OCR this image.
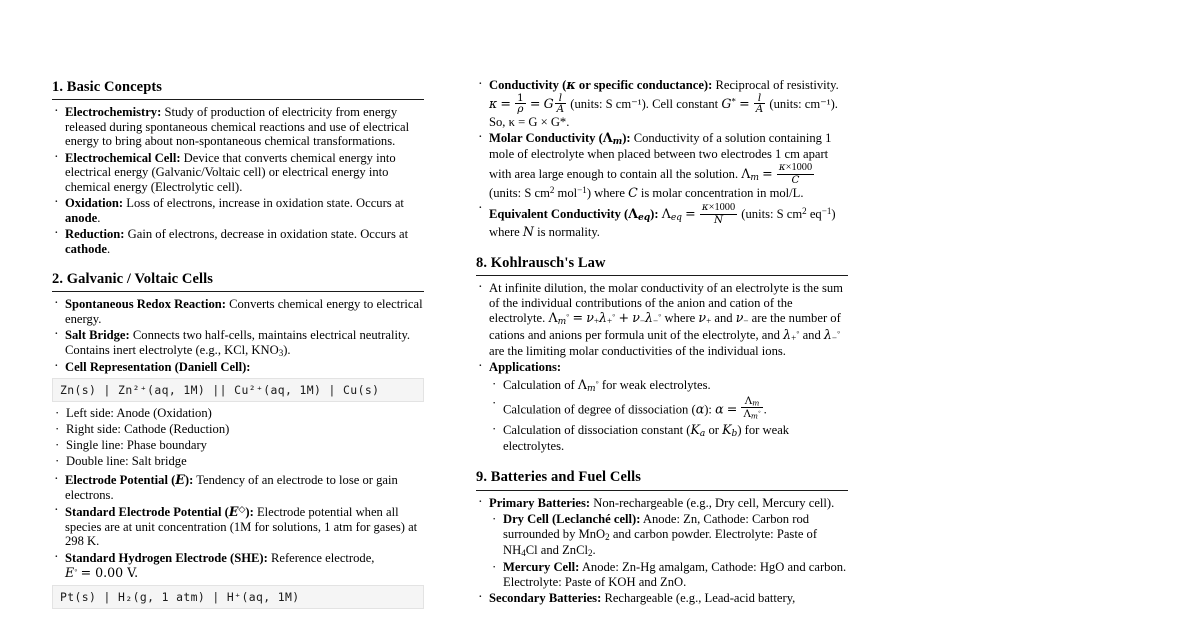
1. Basic Concepts
· Electrochemistry: Study of production of electricity from energy released during spontaneous chemical reactions and use of electrical energy to bring about non-spontaneous chemical transformations.
· Electrochemical Cell: Device that converts chemical energy into electrical energy (Galvanic/Voltaic cell) or electrical energy into chemical energy (Electrolytic cell).
· Oxidation: Loss of electrons, increase in oxidation state. Occurs at anode.
· Reduction: Gain of electrons, decrease in oxidation state. Occurs at cathode.
2. Galvanic / Voltaic Cells
· Spontaneous Redox Reaction: Converts chemical energy to electrical energy.
· Salt Bridge: Connects two half-cells, maintains electrical neutrality. Contains inert electrolyte (e.g., KCl, $KNO_3$).
· Cell Representation (Daniell Cell):
Zn(s) | Zn²⁺(aq, 1M) || Cu²⁺(aq, 1M) | Cu(s)
· Left side: Anode (Oxidation)
· Right side: Cathode (Reduction)
· Single line: Phase boundary
· Double line: Salt bridge
· Electrode Potential (E): Tendency of an electrode to lose or gain electrons.
· Standard Electrode Potential (E◇): Electrode potential when all species are at unit concentration (1M for solutions, 1 atm for gases) at 298 K.
· Standard Hydrogen Electrode (SHE): Reference electrode,
E◦ = 0.00 V.
Pt(s) | H₂(g, 1 atm) | H⁺(aq, 1M)
· Conductivity (κ or specific conductance): Reciprocal of resistivity. $\kappa = \frac{1}{\rho} = G \frac{l}{A}$ (units: S cm⁻¹). Cell constant $G^* = \frac{l}{A}$ (units: cm⁻¹). So, κ = G × G*.
· Molar Conductivity $(\Lambda_m)$: Conductivity of a solution containing 1 mole of electrolyte when placed between two electrodes 1 cm apart with area large enough to contain all the solution. $\Lambda_m = \frac{\kappa\times 1000}{C}$
(units: S $cm^2$ mol$^{-1}$) where C is molar concentration in mol/L.
· Equivalent Conductivity $(\Lambda_{eq})$: $\Lambda_{eq} = \frac{\kappa\times 1000}{N}$ (units: S $cm^2$ $eq^{-1}$) where N is normality.
8. Kohlrausch's Law
· At infinite dilution, the molar conductivity of an electrolyte is the sum of the individual contributions of the anion and cation of the electrolyte. $\Lambda_m^◦ = \nu_+\lambda_+^◦ + \nu_-\lambda_-^◦$ where $\nu_+$ and $\nu_-$ are the number of cations and anions per formula unit of the electrolyte, and $\lambda_+^◦$ and $\lambda_-^◦$ are the limiting molar conductivities of the individual ions.
· Applications:
· Calculation of $\Lambda_m^◦$ for weak electrolytes.
· Calculation of degree of dissociation (α): $\alpha = \frac{\Lambda_m}{\Lambda_m^◦}$ .
· Calculation of dissociation constant ($K_a$ or $K_b$) for weak electrolytes.
9. Batteries and Fuel Cells
· Primary Batteries: Non-rechargeable (e.g., Dry cell, Mercury cell).
· Dry Cell (Leclanché cell): Anode: Zn, Cathode: Carbon rod surrounded by MnO$_2$ and carbon powder. Electrolyte: Paste of $NH_4Cl$ and ZnCl$_2$.
· Mercury Cell: Anode: Zn-Hg amalgam, Cathode: HgO and carbon. Electrolyte: Paste of KOH and ZnO.
· Secondary Batteries: Rechargeable (e.g., Lead-acid battery,
